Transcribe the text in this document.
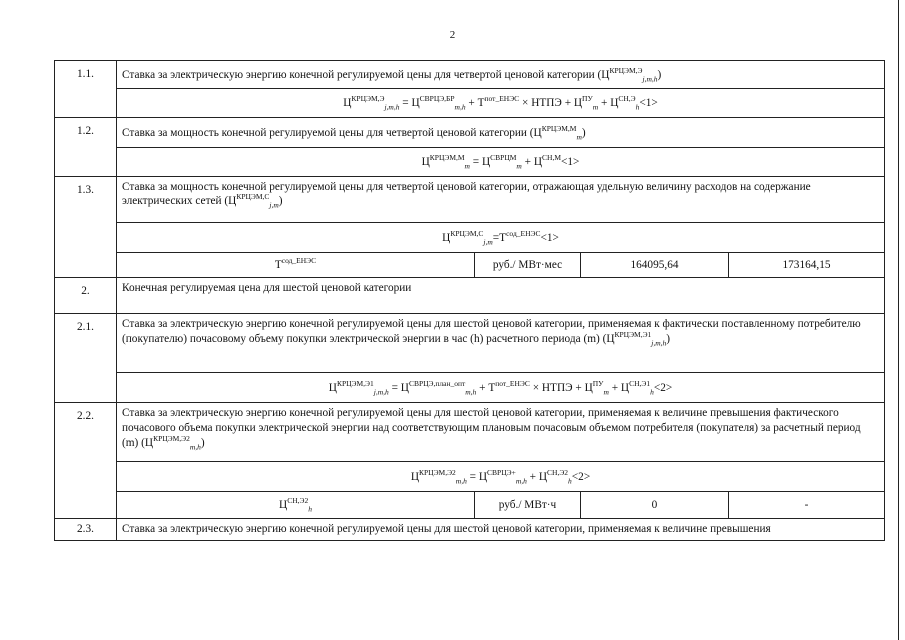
2
1.1.	Ставка за электрическую энергию конечной регулируемой цены для четвертой ценовой категории $(Ц^{КРЦЭМ,Э}_{j,m,h})$			
	$Ц^{КРЦЭМ,Э}_{j,m,h} = Ц^{СВРЦЭ,БР}_{m,h} + Т^{пот\_ЕНЭС}$ × НТПЭ + $Ц^{ПУ}_m + Ц^{СН,Э}_h<1>$			
1.2.	Ставка за мощность конечной регулируемой цены для четвертой ценовой категории $(Ц^{КРЦЭМ,М}_m)$			
	$Ц^{КРЦЭМ,М}_m = Ц^{СВРЦМ}_m + Ц^{СН,М}<1>$			
1.3.	Ставка за мощность конечной регулируемой цены для четвертой ценовой категории, отражающая удельную величину расходов на содержание электрических сетей $(Ц^{КРЦЭМ,С}_{j,m})$			
	$Ц^{КРЦЭМ,С}_{j,m}=Т^{сод\_ЕНЭС}<1>$			
	$Т^{сод\_ЕНЭС}$	руб./ МВт·мес	164095,64	173164,15
2.	Конечная регулируемая цена для шестой ценовой категории			
2.1.	Ставка за электрическую энергию конечной регулируемой цены для шестой ценовой категории, применяемая к фактически поставленному потребителю (покупателю) почасовому объему покупки электрической энергии в час (h) расчетного периода (m) $(Ц^{КРЦЭМ,Э1}_{j,m,h})$			
	$Ц^{КРЦЭМ,Э1}_{j,m,h} = Ц^{СВРЦЭ,план\_опт}_{m,h} + Т^{пот\_ЕНЭС}$ × НТПЭ + $Ц^{ПУ}_m + Ц^{СН,Э1}_h<2>$			
2.2.	Ставка за электрическую энергию конечной регулируемой цены для шестой ценовой категории, применяемая к величине превышения фактического почасового объема покупки электрической энергии над соответствующим плановым почасовым объемом потребителя (покупателя) за расчетный период (m) $(Ц^{КРЦЭМ,Э2}_{m,h})$			
	$Ц^{КРЦЭМ,Э2}_{m,h} = Ц^{СВРЦЭ+}_{m,h} + Ц^{СН,Э2}_h<2>$			
	$Ц^{СН,Э2}_h$	руб./ МВт·ч	0	-
2.3.	Ставка за электрическую энергию конечной регулируемой цены для шестой ценовой категории, применяемая к величине превышения			
